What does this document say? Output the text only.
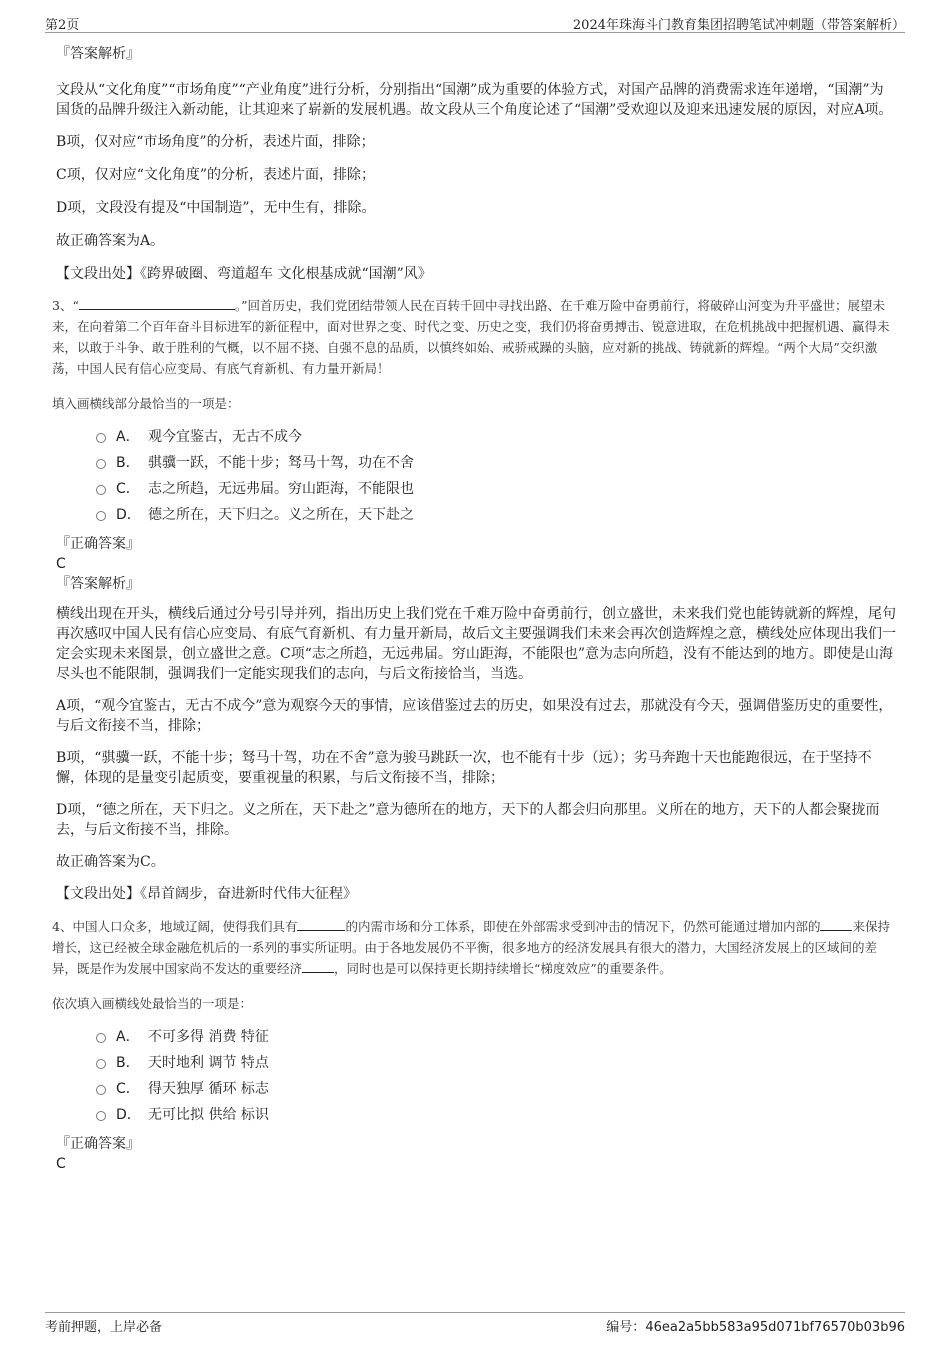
第2页	2024年珠海斗门教育集团招聘笔试冲刺题（带答案解析）
『答案解析』

文段从“文化角度”“市场角度”“产业角度”进行分析，分别指出“国潮”成为重要的体验方式，对国产品牌的消费需求连年递增，“国潮”为国货的品牌升级注入新动能，让其迎来了崭新的发展机遇。故文段从三个角度论述了“国潮”受欢迎以及迎来迅速发展的原因，对应A项。

B项，仅对应“市场角度”的分析，表述片面，排除；

C项，仅对应“文化角度”的分析，表述片面，排除；

D项，文段没有提及“中国制造”，无中生有，排除。

故正确答案为A。

【文段出处】《跨界破圈、弯道超车 文化根基成就“国潮”风》

3、“	。”回首历史，我们党团结带领人民在百转千回中寻找出路、在千难万险中奋勇前行，将破碎山河变为升平盛世；展望未来，在向着第二个百年奋斗目标进军的新征程中，面对世界之变、时代之变、历史之变，我们仍将奋勇搏击、锐意进取，在危机挑战中把握机遇、赢得未来，以敢于斗争、敢于胜利的气概，以不屈不挠、自强不息的品质，以慎终如始、戒骄戒躁的头脑，应对新的挑战、铸就新的辉煌。“两个大局”交织激荡，中国人民有信心应变局、有底气育新机、有力量开新局！

填入画横线部分最恰当的一项是：

A． 观今宜鉴古，无古不成今
B． 骐骥一跃，不能十步；驽马十驾，功在不舍
C． 志之所趋，无远弗届。穷山距海，不能限也
D． 德之所在，天下归之。义之所在，天下赴之
『正确答案』
C
『答案解析』

横线出现在开头，横线后通过分号引导并列，指出历史上我们党在千难万险中奋勇前行，创立盛世，未来我们党也能铸就新的辉煌，尾句再次感叹中国人民有信心应变局、有底气育新机、有力量开新局，故后文主要强调我们未来会再次创造辉煌之意，横线处应体现出我们一定会实现未来图景，创立盛世之意。C项“志之所趋，无远弗届。穷山距海，不能限也”意为志向所趋，没有不能达到的地方。即使是山海尽头也不能限制，强调我们一定能实现我们的志向，与后文衔接恰当，当选。

A项，“观今宜鉴古，无古不成今”意为观察今天的事情，应该借鉴过去的历史，如果没有过去，那就没有今天，强调借鉴历史的重要性，与后文衔接不当，排除；

B项，“骐骥一跃，不能十步；驽马十驾，功在不舍”意为骏马跳跃一次，也不能有十步（远）；劣马奔跑十天也能跑很远，在于坚持不懈，体现的是量变引起质变，要重视量的积累，与后文衔接不当，排除；

D项，“德之所在，天下归之。义之所在，天下赴之”意为德所在的地方，天下的人都会归向那里。义所在的地方，天下的人都会聚拢而去，与后文衔接不当，排除。

故正确答案为C。

【文段出处】《昂首阔步，奋进新时代伟大征程》

4、中国人口众多，地域辽阔，使得我们具有	的内需市场和分工体系，即使在外部需求受到冲击的情况下，仍然可能通过增加内部的	来保持增长，这已经被全球金融危机后的一系列的事实所证明。由于各地发展仍不平衡，很多地方的经济发展具有很大的潜力，大国经济发展上的区域间的差异，既是作为发展中国家尚不发达的重要经济	，同时也是可以保持更长期持续增长“梯度效应”的重要条件。

依次填入画横线处最恰当的一项是：

A． 不可多得 消费 特征
B． 天时地利 调节 特点
C． 得天独厚 循环 标志
D． 无可比拟 供给 标识
『正确答案』
C
考前押题，上岸必备	编号：46ea2a5bb583a95d071bf76570b03b96
